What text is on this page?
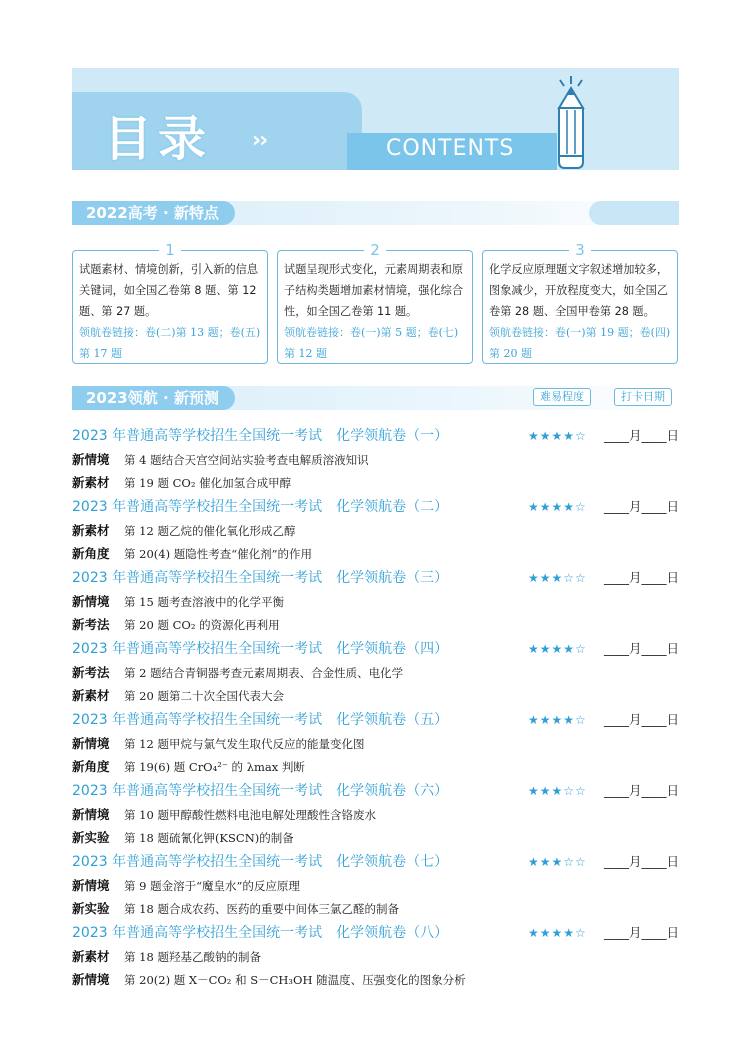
目录 ››	CONTENTS
2022高考 · 新特点
试题素材、情境创新，引入新的信息关键词，如全国乙卷第 8 题、第 12 题、第 27 题。
领航卷链接：卷(二)第 13 题；卷(五)第 17 题
1
试题呈现形式变化，元素周期表和原子结构类题增加素材情境，强化综合性，如全国乙卷第 11 题。
领航卷链接：卷(一)第 5 题；卷(七)第 12 题
2
化学反应原理题文字叙述增加较多，图象减少，开放程度变大，如全国乙卷第 28 题、全国甲卷第 28 题。
领航卷链接：卷(一)第 19 题；卷(四)第 20 题
3
2023领航 · 新预测	难易程度	打卡日期
2023 年普通高等学校招生全国统一考试　化学领航卷（一）	★★★★☆ ____月____日
新情境 第 4 题结合天宫空间站实验考查电解质溶液知识
新素材 第 19 题 CO₂ 催化加氢合成甲醇
2023 年普通高等学校招生全国统一考试　化学领航卷（二）	★★★★☆ ____月____日
新素材 第 12 题乙烷的催化氧化形成乙醇
新角度 第 20(4) 题隐性考查“催化剂”的作用
2023 年普通高等学校招生全国统一考试　化学领航卷（三）	★★★☆☆ ____月____日
新情境 第 15 题考查溶液中的化学平衡
新考法 第 20 题 CO₂ 的资源化再利用
2023 年普通高等学校招生全国统一考试　化学领航卷（四）	★★★★☆ ____月____日
新考法 第 2 题结合青铜器考查元素周期表、合金性质、电化学
新素材 第 20 题第二十次全国代表大会
2023 年普通高等学校招生全国统一考试　化学领航卷（五）	★★★★☆ ____月____日
新情境 第 12 题甲烷与氯气发生取代反应的能量变化图
新角度 第 19(6) 题 CrO₄²⁻ 的 λmax 判断
2023 年普通高等学校招生全国统一考试　化学领航卷（六）	★★★☆☆ ____月____日
新情境 第 10 题甲醇酸性燃料电池电解处理酸性含铬废水
新实验 第 18 题硫氰化钾(KSCN)的制备
2023 年普通高等学校招生全国统一考试　化学领航卷（七）	★★★☆☆ ____月____日
新情境 第 9 题金溶于“魔皇水”的反应原理
新实验 第 18 题合成农药、医药的重要中间体三氯乙醛的制备
2023 年普通高等学校招生全国统一考试　化学领航卷（八）	★★★★☆ ____月____日
新素材 第 18 题羟基乙酸钠的制备
新情境 第 20(2) 题 X－CO₂ 和 S－CH₃OH 随温度、压强变化的图象分析
